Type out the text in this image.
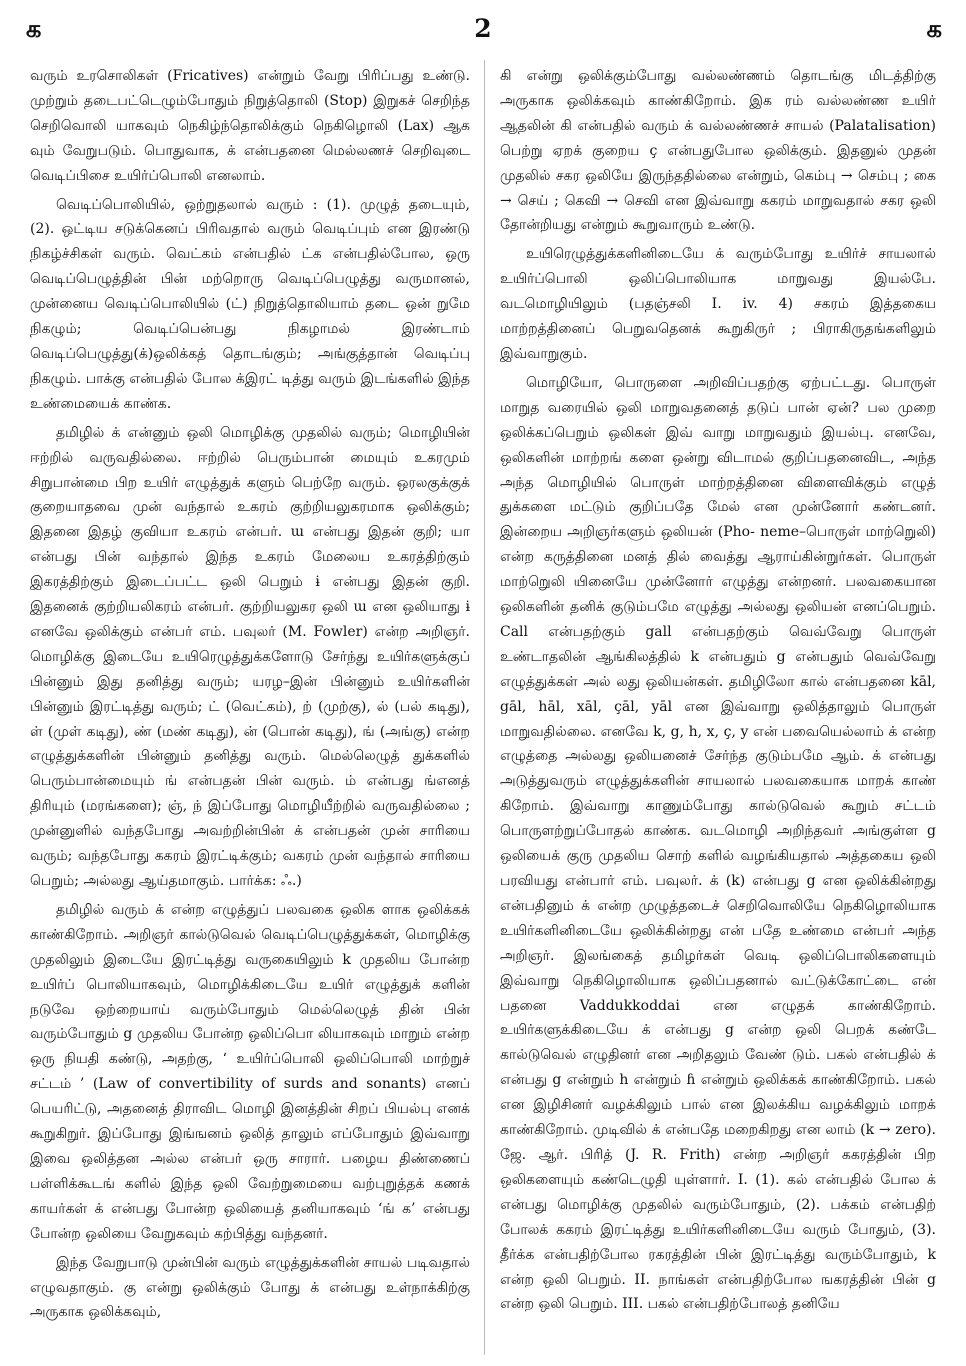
2
க	க

வரும் உரசொலிகள் (Fricatives) என்றும் வேறு பிரிப்பது உண்டு. முற்றும் தடைபட்டெழும்போதும் நிறுத்தொலி (Stop) இறுகச் செறிந்த செறிவொலி யாகவும் நெகிழ்ந்தொலிக்கும் நெகிழொலி (Lax) ஆக வும் வேறுபடும். பொதுவாக, க் என்பதனை மெல்லணச் செறிவுடை வெடிப்பிசை உயிர்ப்பொலி எனலாம்.

வெடிப்பொலியில், ஒற்றுதலால் வரும் : (1). முழுத் தடையும், (2). ஒட்டிய சடுக்கெனப் பிரிவதால் வரும் வெடிப்பும் என இரண்டு நிகழ்ச்சிகள் வரும். வெட்கம் என்பதில் ட்க என்பதில்போல, ஒரு வெடிப்பெழுத்தின் பின் மற்றொரு வெடிப்பெழுத்து வருமானல், முன்னைய வெடிப்பொலியில் (ட்) நிறுத்தொலியாம் தடை ஒன் றுமே நிகழும்; வெடிப்பென்பது நிகழாமல் இரண்டாம் வெடிப்பெழுத்து(க்)ஒலிக்கத் தொடங்கும்; அங்குத்தான் வெடிப்பு நிகழும். பாக்கு என்பதில் போல க்இரட் டித்து வரும் இடங்களில் இந்த உண்மையைக் காண்க.

தமிழில் க் என்னும் ஒலி மொழிக்கு முதலில் வரும்; மொழியின் ஈற்றில் வருவதில்லை. ஈற்றில் பெரும்பான் மையும் உகரமும் சிறுபான்மை பிற உயிர் எழுத்துக் களும் பெற்றே வரும். ஒரலகுக்குக் குறையாதவை முன் வந்தால் உகரம் குற்றியலுகரமாக ஒலிக்கும்; இதனை இதழ் குவியா உகரம் என்பர். ɯ என்பது இதன் குறி; யா என்பது பின் வந்தால் இந்த உகரம் மேலைய உகரத்திற்கும் இகரத்திற்கும் இடைப்பட்ட ஒலி பெறும் ɨ என்பது இதன் குறி. இதனைக் குற்றியலிகரம் என்பர். குற்றியலுகர ஒலி ɯ என ஒலியாது ɨ எனவே ஒலிக்கும் என்பர் எம். பவுலர் (M. Fowler) என்ற அறிஞர். மொழிக்கு இடையே உயிரெழுத்துக்களோடு சேர்ந்து உயிர்களுக்குப் பின்னும் இது தனித்து வரும்; யரழ–இன் பின்னும் உயிர்களின் பின்னும் இரட்டித்து வரும்; ட் (வெட்கம்), ற் (முற்கு), ல் (பல் கடிது), ள் (முள் கடிது), ண் (மண் கடிது), ன் (பொன் கடிது), ங் (அங்கு) என்ற எழுத்துக்களின் பின்னும் தனித்து வரும். மெல்லெழுத் துக்களில் பெரும்பான்மையும் ங் என்பதன் பின் வரும். ம் என்பது ங்எனத் திரியும் (மரங்களை); ஞ், ந் இப்போது மொழியீற்றில் வருவதில்லை ; முன்னுளில் வந்தபோது அவற்றின்பின் க் என்பதன் முன் சாரியை வரும்; வந்தபோது ககரம் இரட்டிக்கும்; வகரம் முன் வந்தால் சாரியை பெறும்; அல்லது ஆய்தமாகும். பார்க்க: ஃ.)

தமிழில் வரும் க் என்ற எழுத்துப் பலவகை ஒலிக ளாக ஒலிக்கக் காண்கிறோம். அறிஞர் கால்டுவெல் வெடிப்பெழுத்துக்கள், மொழிக்கு முதலிலும் இடையே இரட்டித்து வருகையிலும் k முதலிய போன்ற உயிர்ப் பொலியாகவும், மொழிக்கிடையே உயிர் எழுத்துக் களின் நடுவே ஒற்றையாய் வரும்போதும் மெல்லெழுத் தின் பின் வரும்போதும் g முதலிய போன்ற ஒலிப்பொ லியாகவும் மாறும் என்ற ஒரு நியதி கண்டு, அதற்கு, ‘ உயிர்ப்பொலி ஒலிப்பொலி மாற்றுச் சட்டம் ’ (Law of convertibility of surds and sonants) எனப் பெயரிட்டு, அதனைத் திராவிட மொழி இனத்தின் சிறப் பியல்பு எனக் கூறுகிறுர். இப்போது இங்ஙனம் ஒலித் தாலும் எப்போதும் இவ்வாறு இவை ஒலித்தன அல்ல என்பர் ஒரு சாரார். பழைய திண்ணைப் பள்ளிக்கூடங் களில் இந்த ஒலி வேற்றுமையை வற்புறுத்தக் கணக் காயர்கள் க் என்பது போன்ற ஒலியைத் தனியாகவும் ‘ங் க’ என்பது போன்ற ஒலியை வேறுகவும் கற்பித்து வந்தனர்.

இந்த வேறுபாடு முன்பின் வரும் எழுத்துக்களின் சாயல் படிவதால் எழுவதாகும். கு என்று ஒலிக்கும் போது க் என்பது உள்நாக்கிற்கு அருகாக ஒலிக்கவும்,

கி என்று ஒலிக்கும்போது வல்லண்ணம் தொடங்கு மிடத்திற்கு அருகாக ஒலிக்கவும் காண்கிறோம். இக ரம் வல்லண்ண உயிர் ஆதலின் கி என்பதில் வரும் க் வல்லண்ணச் சாயல் (Palatalisation) பெற்று ஏறக் குறைய ç என்பதுபோல ஒலிக்கும். இதனுல் முதன் முதலில் சகர ஒலியே இருந்ததில்லை என்றும், கெம்பு → செம்பு ; கை → செய் ; கெவி → செவி என இவ்வாறு ககரம் மாறுவதால் சகர ஒலி தோன்றியது என்றும் கூறுவாரும் உண்டு.

உயிரெழுத்துக்களினிடையே க் வரும்போது உயிர்ச் சாயலால் உயிர்ப்பொலி ஒலிப்பொலியாக மாறுவது இயல்பே. வடமொழியிலும் (பதஞ்சலி I. iv. 4) சகரம் இத்தகைய மாற்றத்தினைப் பெறுவதெனக் கூறுகிருர் ; பிராகிருதங்களிலும் இவ்வாறுகும்.

மொழியோ, பொருளை அறிவிப்பதற்கு ஏற்பட்டது. பொருள் மாறுத வரையில் ஒலி மாறுவதனைத் தடுப் பான் ஏன்? பல முறை ஒலிக்கப்பெறும் ஒலிகள் இவ் வாறு மாறுவதும் இயல்பு. எனவே, ஒலிகளின் மாற்றங் களை ஒன்று விடாமல் குறிப்பதனைவிட, அந்த அந்த மொழியில் பொருள் மாற்றத்தினை விளைவிக்கும் எழுத் துக்களை மட்டும் குறிப்பதே மேல் என முன்னோர் கண்டனர். இன்றைய அறிஞர்களும் ஒலியன் (Pho- neme–பொருள் மாற்றுெலி) என்ற கருத்தினை மனத் தில் வைத்து ஆராய்கின்றுர்கள். பொருள் மாற்றுெலி யினையே முன்னோர் எழுத்து என்றனர். பலவகையான ஒலிகளின் தனிக் குடும்பமே எழுத்து அல்லது ஒலியன் எனப்பெறும். Call என்பதற்கும் gall என்பதற்கும் வெவ்வேறு பொருள் உண்டாதலின் ஆங்கிலத்தில் k என்பதும் g என்பதும் வெவ்வேறு எழுத்துக்கள் அல் லது ஒலியன்கள். தமிழிலோ கால் என்பதனை kāl, gāl, hāl, xāl, çāl, yāl என இவ்வாறு ஒலித்தாலும் பொருள் மாறுவதில்லை. எனவே k, g, h, x, ç, y என் பவையெல்லாம் க் என்ற எழுத்தை அல்லது ஒலியனைச் சேர்ந்த குடும்பமே ஆம். க் என்பது அடுத்துவரும் எழுத்துக்களின் சாயலால் பலவகையாக மாறக் காண் கிறோம். இவ்வாறு காணும்போது கால்டுவெல் கூறும் சட்டம் பொருளற்றுப்போதல் காண்க. வடமொழி அறிந்தவர் அங்குள்ள g ஒலியைக் குரு முதலிய சொற் களில் வழங்கியதால் அத்தகைய ஒலி பரவியது என்பார் எம். பவுலர். க் (k) என்பது g என ஒலிக்கின்றது என்பதினும் க் என்ற முழுத்தடைச் செறிவொலியே நெகிழொலியாக உயிர்களினிடையே ஒலிக்கின்றது என் பதே உண்மை என்பர் அந்த அறிஞர். இலங்கைத் தமிழர்கள் வெடி ஒலிப்பொலிகளையும் இவ்வாறு நெகிழொலியாக ஒலிப்பதனால் வட்டுக்கோட்டை என் பதனை Vaddukkoddai என எழுதக் காண்கிறோம். உயிர்களுக்கிடையே க் என்பது g என்ற ஒலி பெறக் கண்டே கால்டுவெல் எழுதினர் என அறிதலும் வேண் டும். பகல் என்பதில் க் என்பது g என்றும் h என்றும் ɦ என்றும் ஒலிக்கக் காண்கிறோம். பகல் என இழிசினர் வழக்கிலும் பால் என இலக்கிய வழக்கிலும் மாறக் காண்கிறோம். முடிவில் க் என்பதே மறைகிறது என லாம் (k → zero). ஜே. ஆர். பிரித் (J. R. Frith) என்ற அறிஞர் ககரத்தின் பிற ஒலிகளையும் கண்டெழுதி யுள்ளார். I. (1). கல் என்பதில் போல க் என்பது மொழிக்கு முதலில் வரும்போதும், (2). பக்கம் என்பதிற் போலக் ககரம் இரட்டித்து உயிர்களினிடையே வரும் போதும், (3). தீர்க்க என்பதிற்போல ரகரத்தின் பின் இரட்டித்து வரும்போதும், k என்ற ஒலி பெறும். II. நாங்கள் என்பதிற்போல ஙகரத்தின் பின் g என்ற ஒலி பெறும். III. பகல் என்பதிற்போலத் தனியே
